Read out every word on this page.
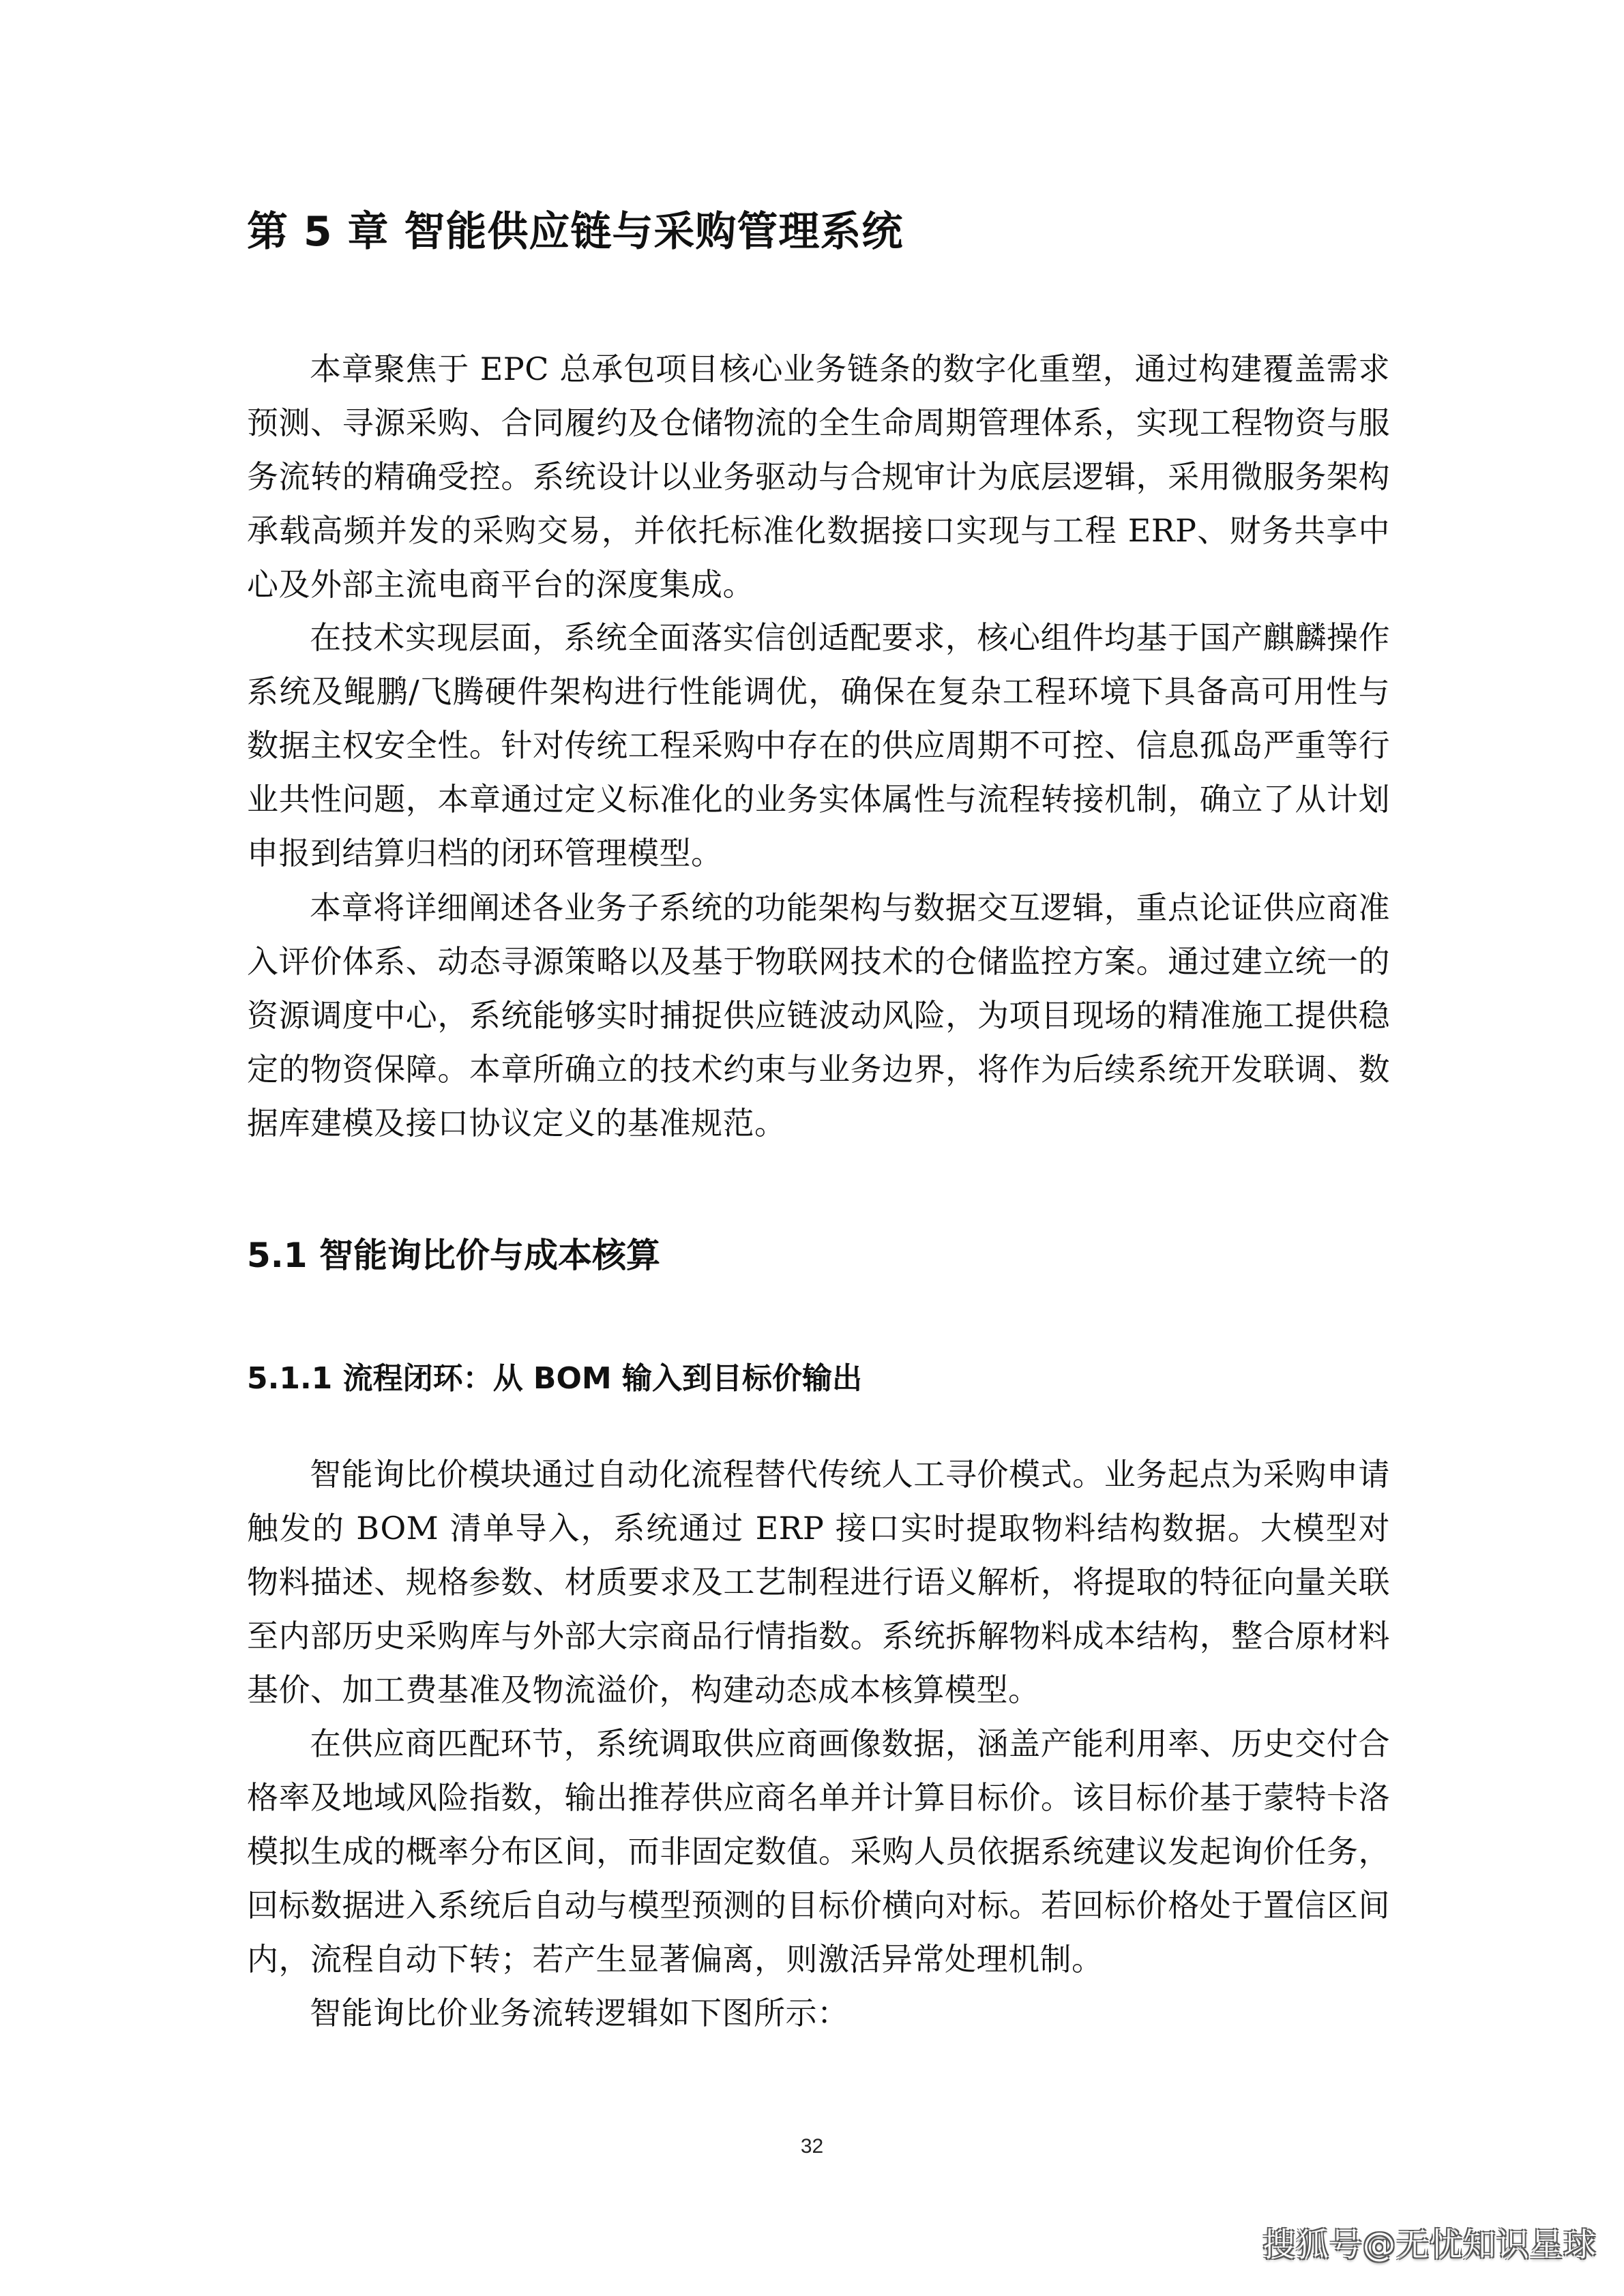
第 5 章 智能供应链与采购管理系统

本章聚焦于 EPC 总承包项目核心业务链条的数字化重塑，通过构建覆盖需求预测、寻源采购、合同履约及仓储物流的全生命周期管理体系，实现工程物资与服务流转的精确受控。系统设计以业务驱动与合规审计为底层逻辑，采用微服务架构承载高频并发的采购交易，并依托标准化数据接口实现与工程 ERP、财务共享中心及外部主流电商平台的深度集成。

在技术实现层面，系统全面落实信创适配要求，核心组件均基于国产麒麟操作系统及鲲鹏/飞腾硬件架构进行性能调优，确保在复杂工程环境下具备高可用性与数据主权安全性。针对传统工程采购中存在的供应周期不可控、信息孤岛严重等行业共性问题，本章通过定义标准化的业务实体属性与流程转接机制，确立了从计划申报到结算归档的闭环管理模型。

本章将详细阐述各业务子系统的功能架构与数据交互逻辑，重点论证供应商准入评价体系、动态寻源策略以及基于物联网技术的仓储监控方案。通过建立统一的资源调度中心，系统能够实时捕捉供应链波动风险，为项目现场的精准施工提供稳定的物资保障。本章所确立的技术约束与业务边界，将作为后续系统开发联调、数据库建模及接口协议定义的基准规范。

5.1 智能询比价与成本核算
5.1.1 流程闭环：从 BOM 输入到目标价输出

智能询比价模块通过自动化流程替代传统人工寻价模式。业务起点为采购申请触发的 BOM 清单导入，系统通过 ERP 接口实时提取物料结构数据。大模型对物料描述、规格参数、材质要求及工艺制程进行语义解析，将提取的特征向量关联至内部历史采购库与外部大宗商品行情指数。系统拆解物料成本结构，整合原材料基价、加工费基准及物流溢价，构建动态成本核算模型。

在供应商匹配环节，系统调取供应商画像数据，涵盖产能利用率、历史交付合格率及地域风险指数，输出推荐供应商名单并计算目标价。该目标价基于蒙特卡洛模拟生成的概率分布区间，而非固定数值。采购人员依据系统建议发起询价任务，回标数据进入系统后自动与模型预测的目标价横向对标。若回标价格处于置信区间内，流程自动下转；若产生显著偏离，则激活异常处理机制。

智能询比价业务流转逻辑如下图所示：

32
搜狐号@无忧知识星球
